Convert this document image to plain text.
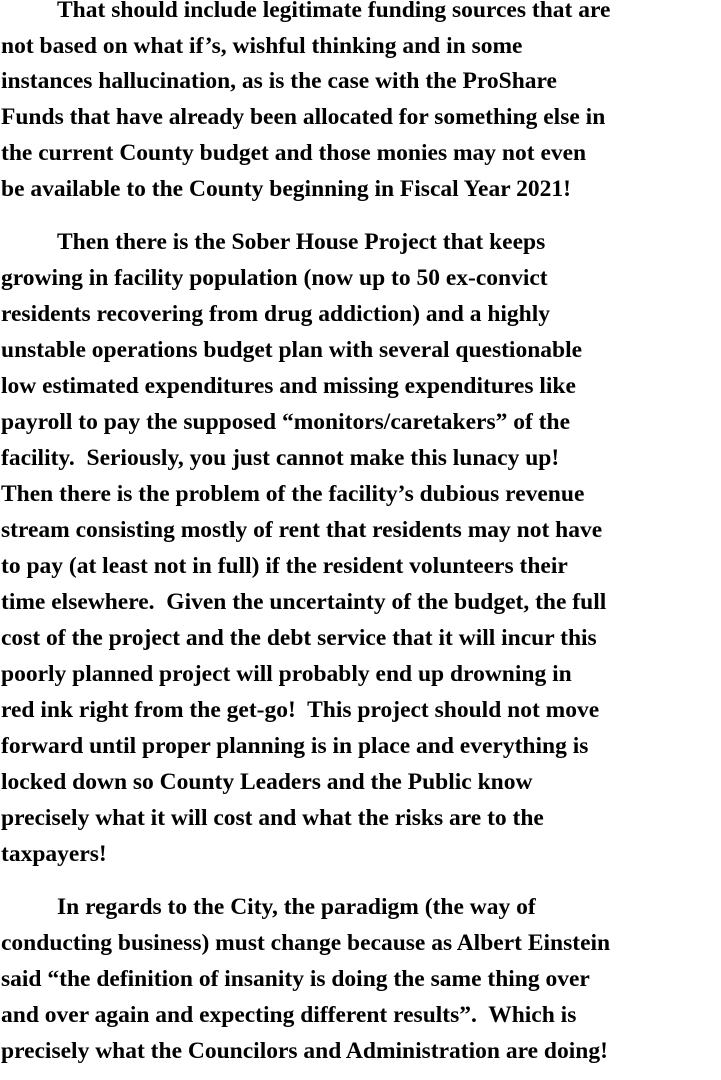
That should include legitimate funding sources that are

not based on what if’s, wishful thinking and in some

instances hallucination, as is the case with the ProShare

Funds that have already been allocated for something else in

the current County budget and those monies may not even

be available to the County beginning in Fiscal Year 2021!

Then there is the Sober House Project that keeps

growing in facility population (now up to 50 ex-convict

residents recovering from drug addiction) and a highly

unstable operations budget plan with several questionable

low estimated expenditures and missing expenditures like

payroll to pay the supposed “monitors/caretakers” of the

facility.  Seriously, you just cannot make this lunacy up!

Then there is the problem of the facility’s dubious revenue

stream consisting mostly of rent that residents may not have

to pay (at least not in full) if the resident volunteers their

time elsewhere.  Given the uncertainty of the budget, the full

cost of the project and the debt service that it will incur this

poorly planned project will probably end up drowning in

red ink right from the get-go!  This project should not move

forward until proper planning is in place and everything is

locked down so County Leaders and the Public know

precisely what it will cost and what the risks are to the

taxpayers!

In regards to the City, the paradigm (the way of

conducting business) must change because as Albert Einstein

said “the definition of insanity is doing the same thing over

and over again and expecting different results”.  Which is

precisely what the Councilors and Administration are doing!
